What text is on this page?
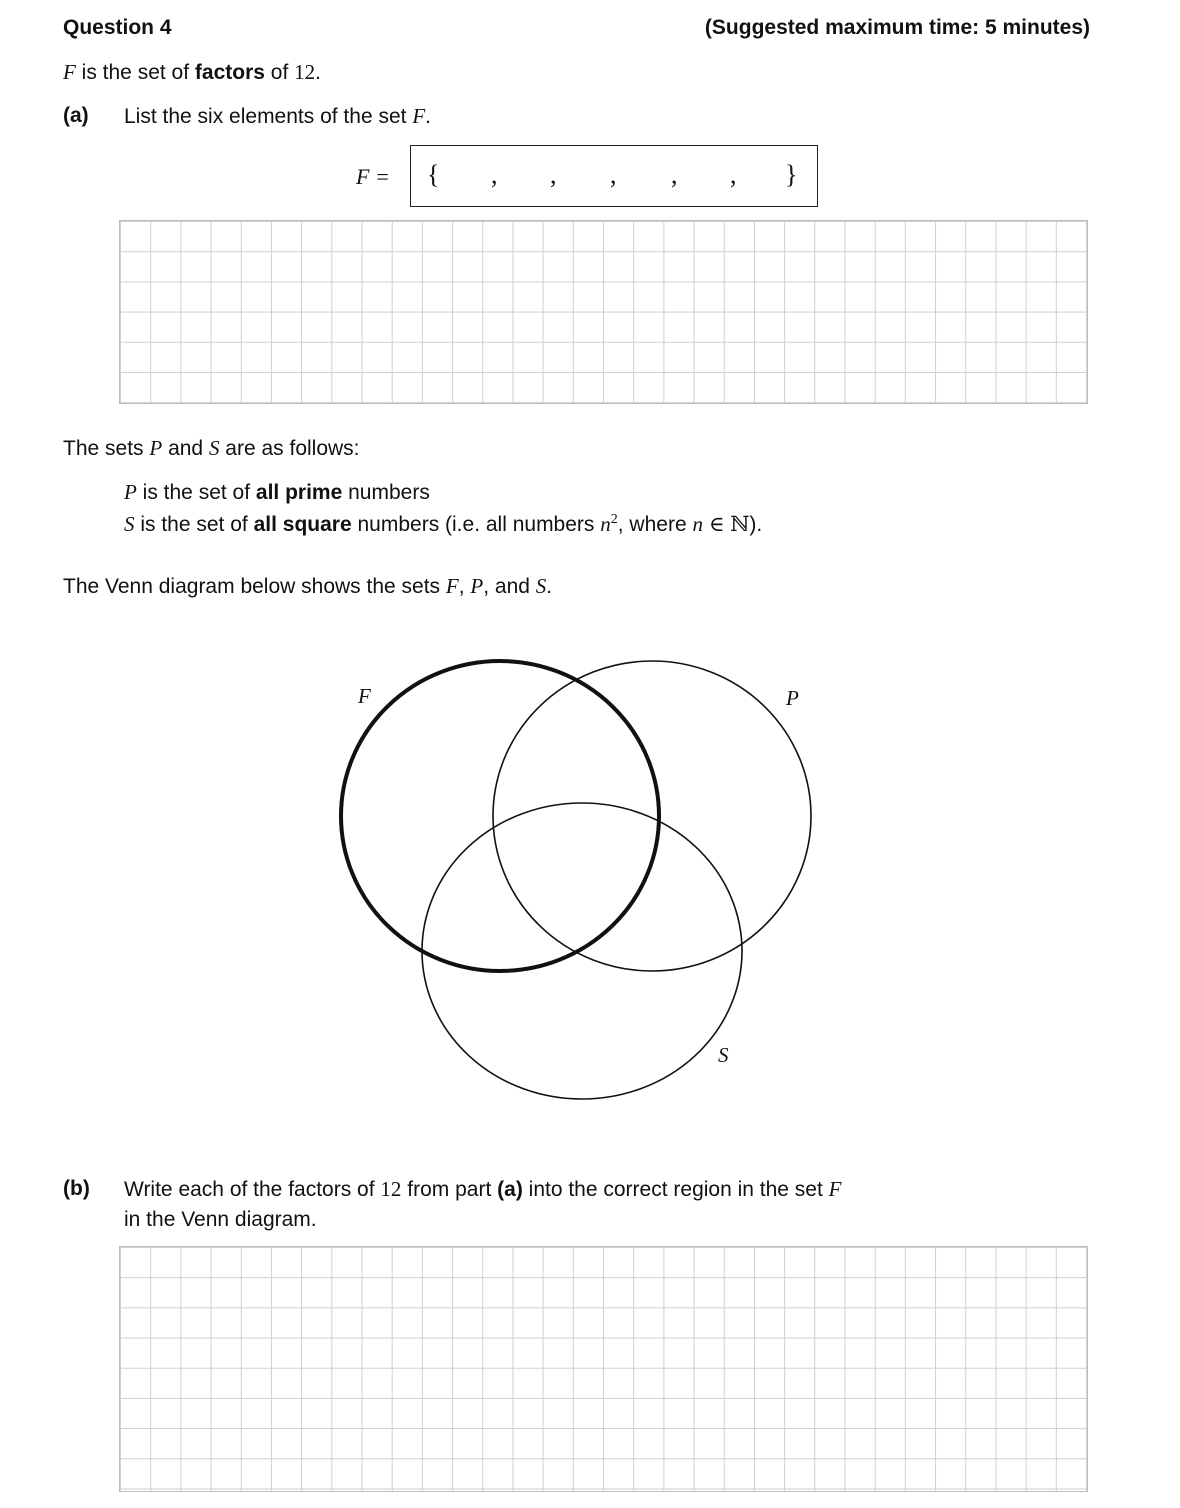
Question 4	(Suggested maximum time: 5 minutes)
F is the set of factors of 12.
(a) List the six elements of the set F.
F = { , , , , , }
The sets P and S are as follows:
P is the set of all prime numbers
S is the set of all square numbers (i.e. all numbers $n^2$, where n ∈ ℕ).
The Venn diagram below shows the sets F, P, and S.
F	P
S
(b) Write each of the factors of 12 from part (a) into the correct region in the set F
in the Venn diagram.
